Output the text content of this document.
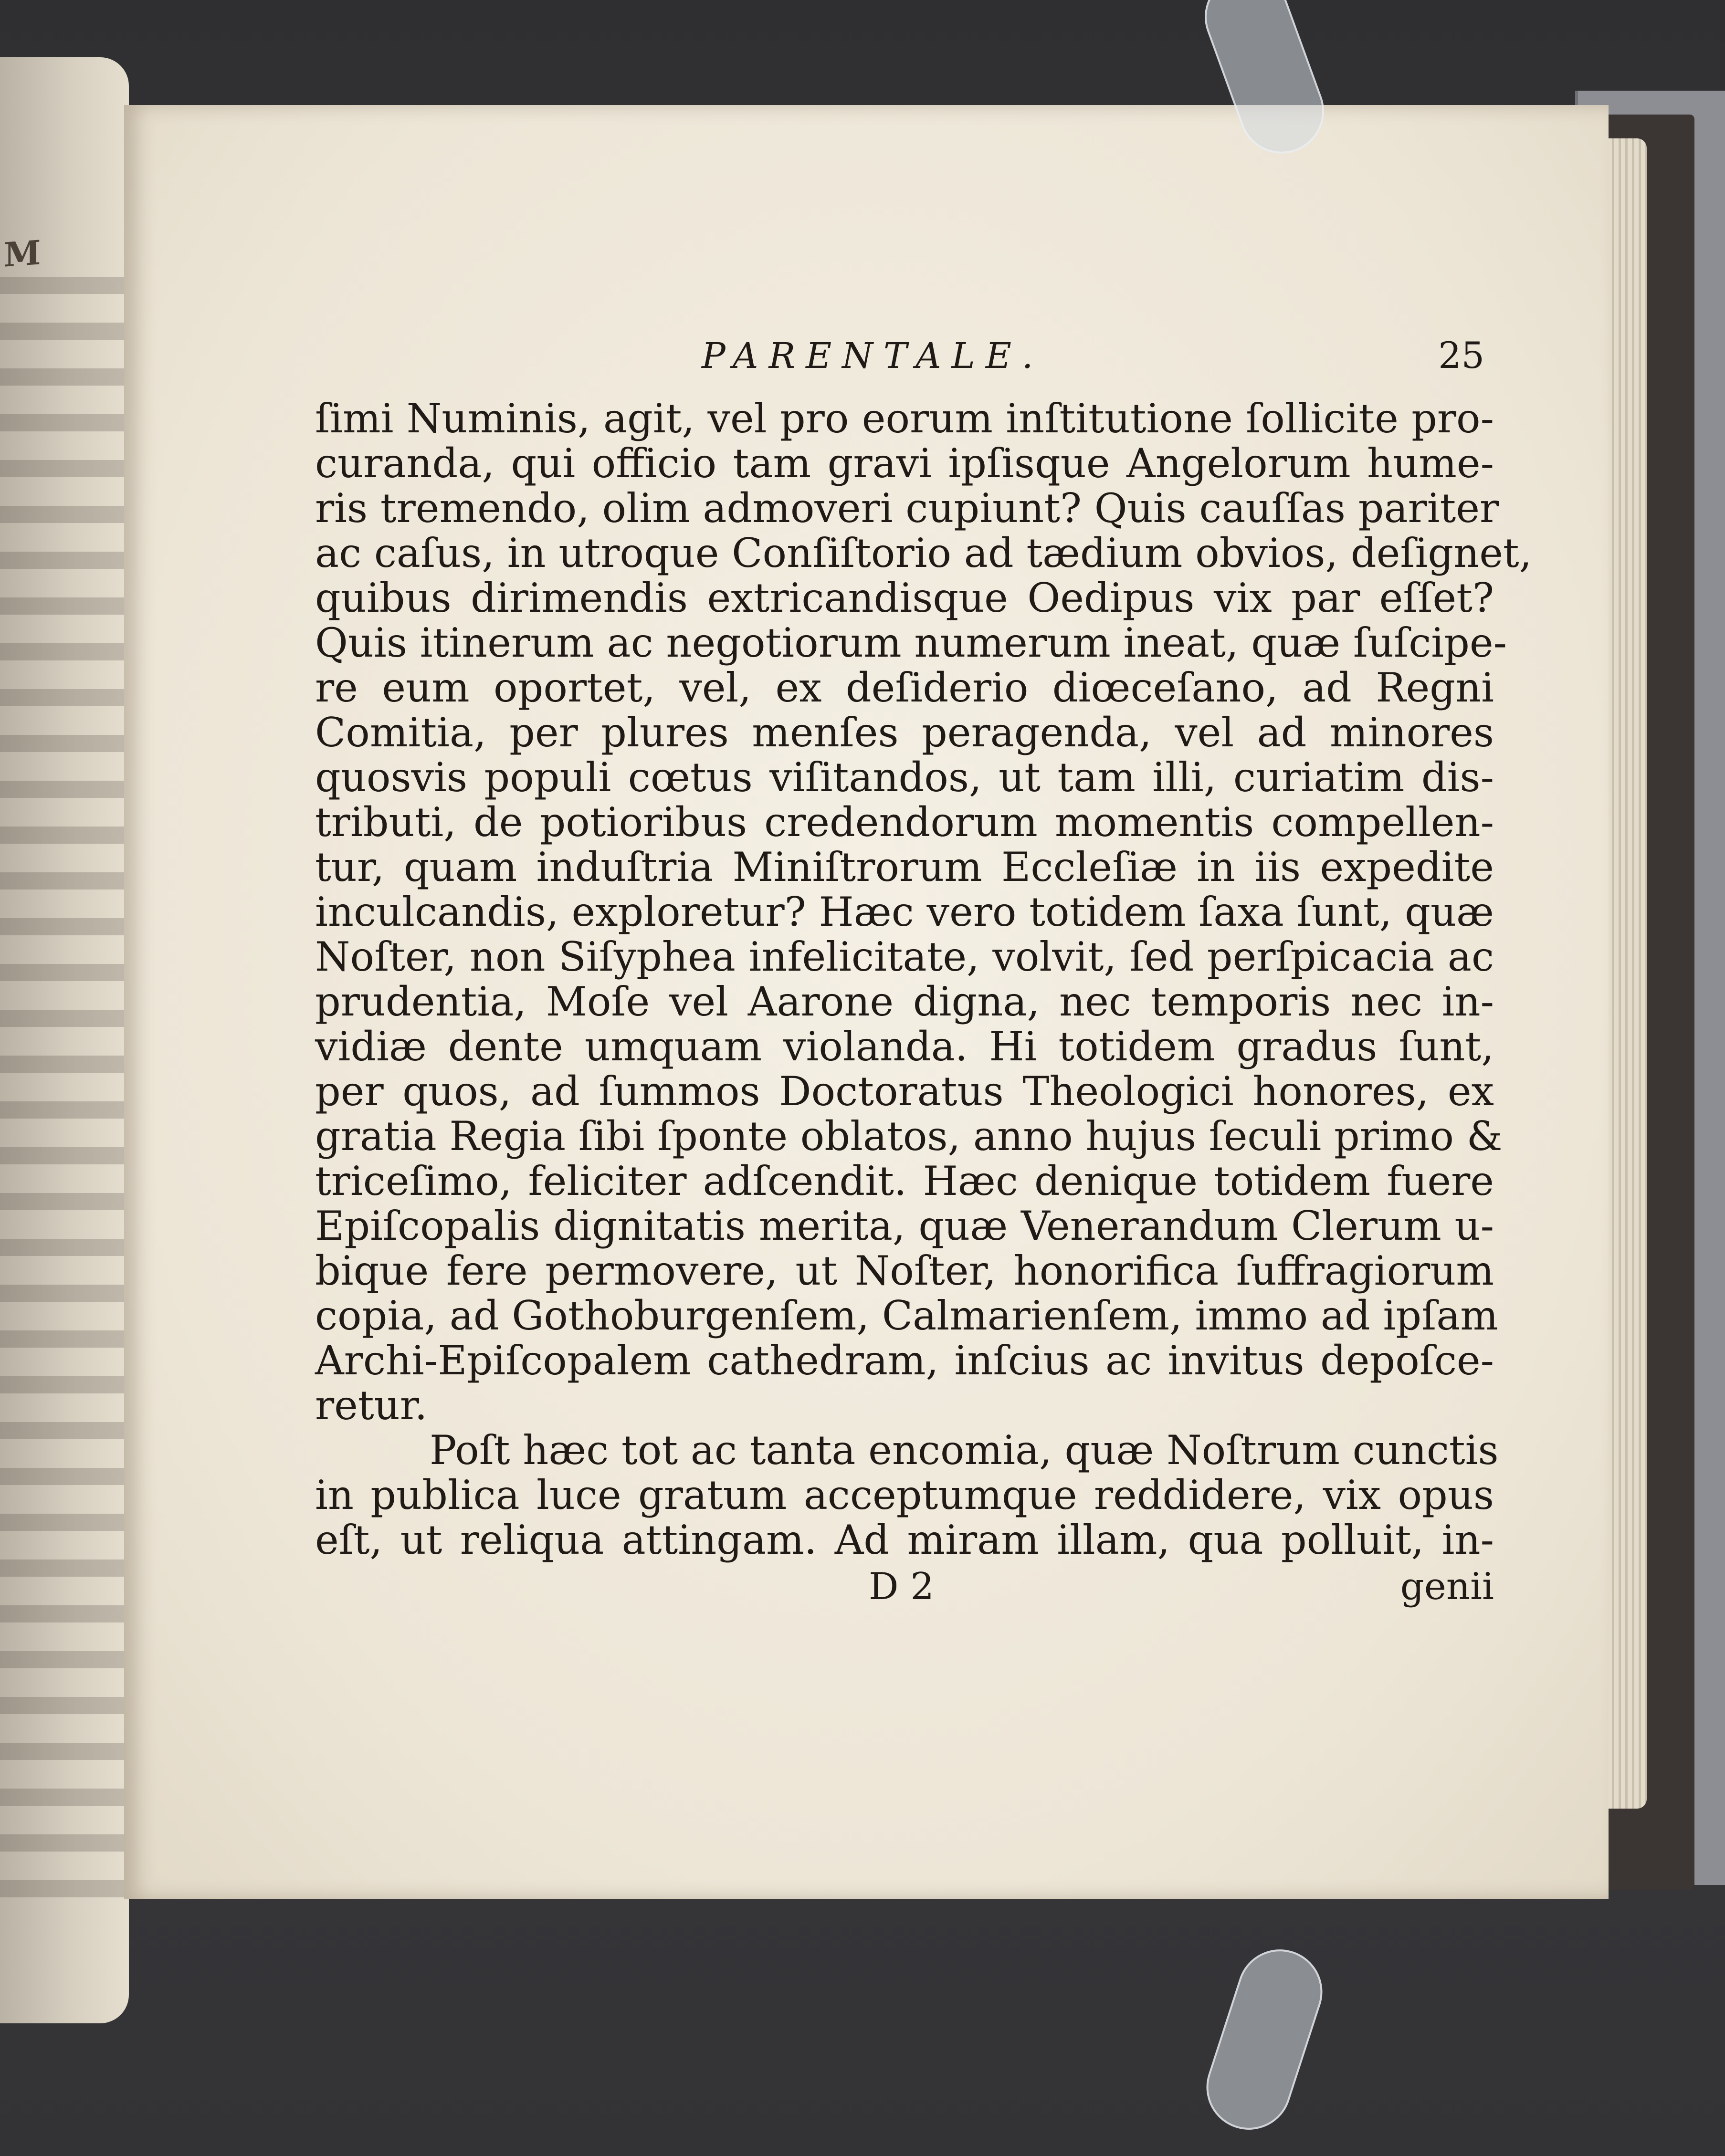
M
PARENTALE.	25
ſimi Numinis, agit, vel pro eorum inſtitutione ſollicite pro-
curanda, qui officio tam gravi ipſisque Angelorum hume-
ris tremendo, olim admoveri cupiunt? Quis cauſſas pariter
ac caſus, in utroque Conſiſtorio ad tædium obvios, deſignet,
quibus dirimendis extricandisque Oedipus vix par eſſet?
Quis itinerum ac negotiorum numerum ineat, quæ ſuſcipe-
re eum oportet, vel, ex deſiderio diœceſano, ad Regni
Comitia, per plures menſes peragenda, vel ad minores
quosvis populi cœtus viſitandos, ut tam illi, curiatim dis-
tributi, de potioribus credendorum momentis compellen-
tur, quam induſtria Miniſtrorum Eccleſiæ in iis expedite
inculcandis, exploretur? Hæc vero totidem ſaxa ſunt, quæ
Noſter, non Siſyphea infelicitate, volvit, ſed perſpicacia ac
prudentia, Moſe vel Aarone digna, nec temporis nec in-
vidiæ dente umquam violanda. Hi totidem gradus ſunt,
per quos, ad ſummos Doctoratus Theologici honores, ex
gratia Regia ſibi ſponte oblatos, anno hujus ſeculi primo &
triceſimo, feliciter adſcendit. Hæc denique totidem fuere
Epiſcopalis dignitatis merita, quæ Venerandum Clerum u-
bique fere permovere, ut Noſter, honorifica ſuffragiorum
copia, ad Gothoburgenſem, Calmarienſem, immo ad ipſam
Archi-Epiſcopalem cathedram, inſcius ac invitus depoſce-
retur.
Poſt hæc tot ac tanta encomia, quæ Noſtrum cunctis
in publica luce gratum acceptumque reddidere, vix opus
eſt, ut reliqua attingam. Ad miram illam, qua polluit, in-
D 2	genii
